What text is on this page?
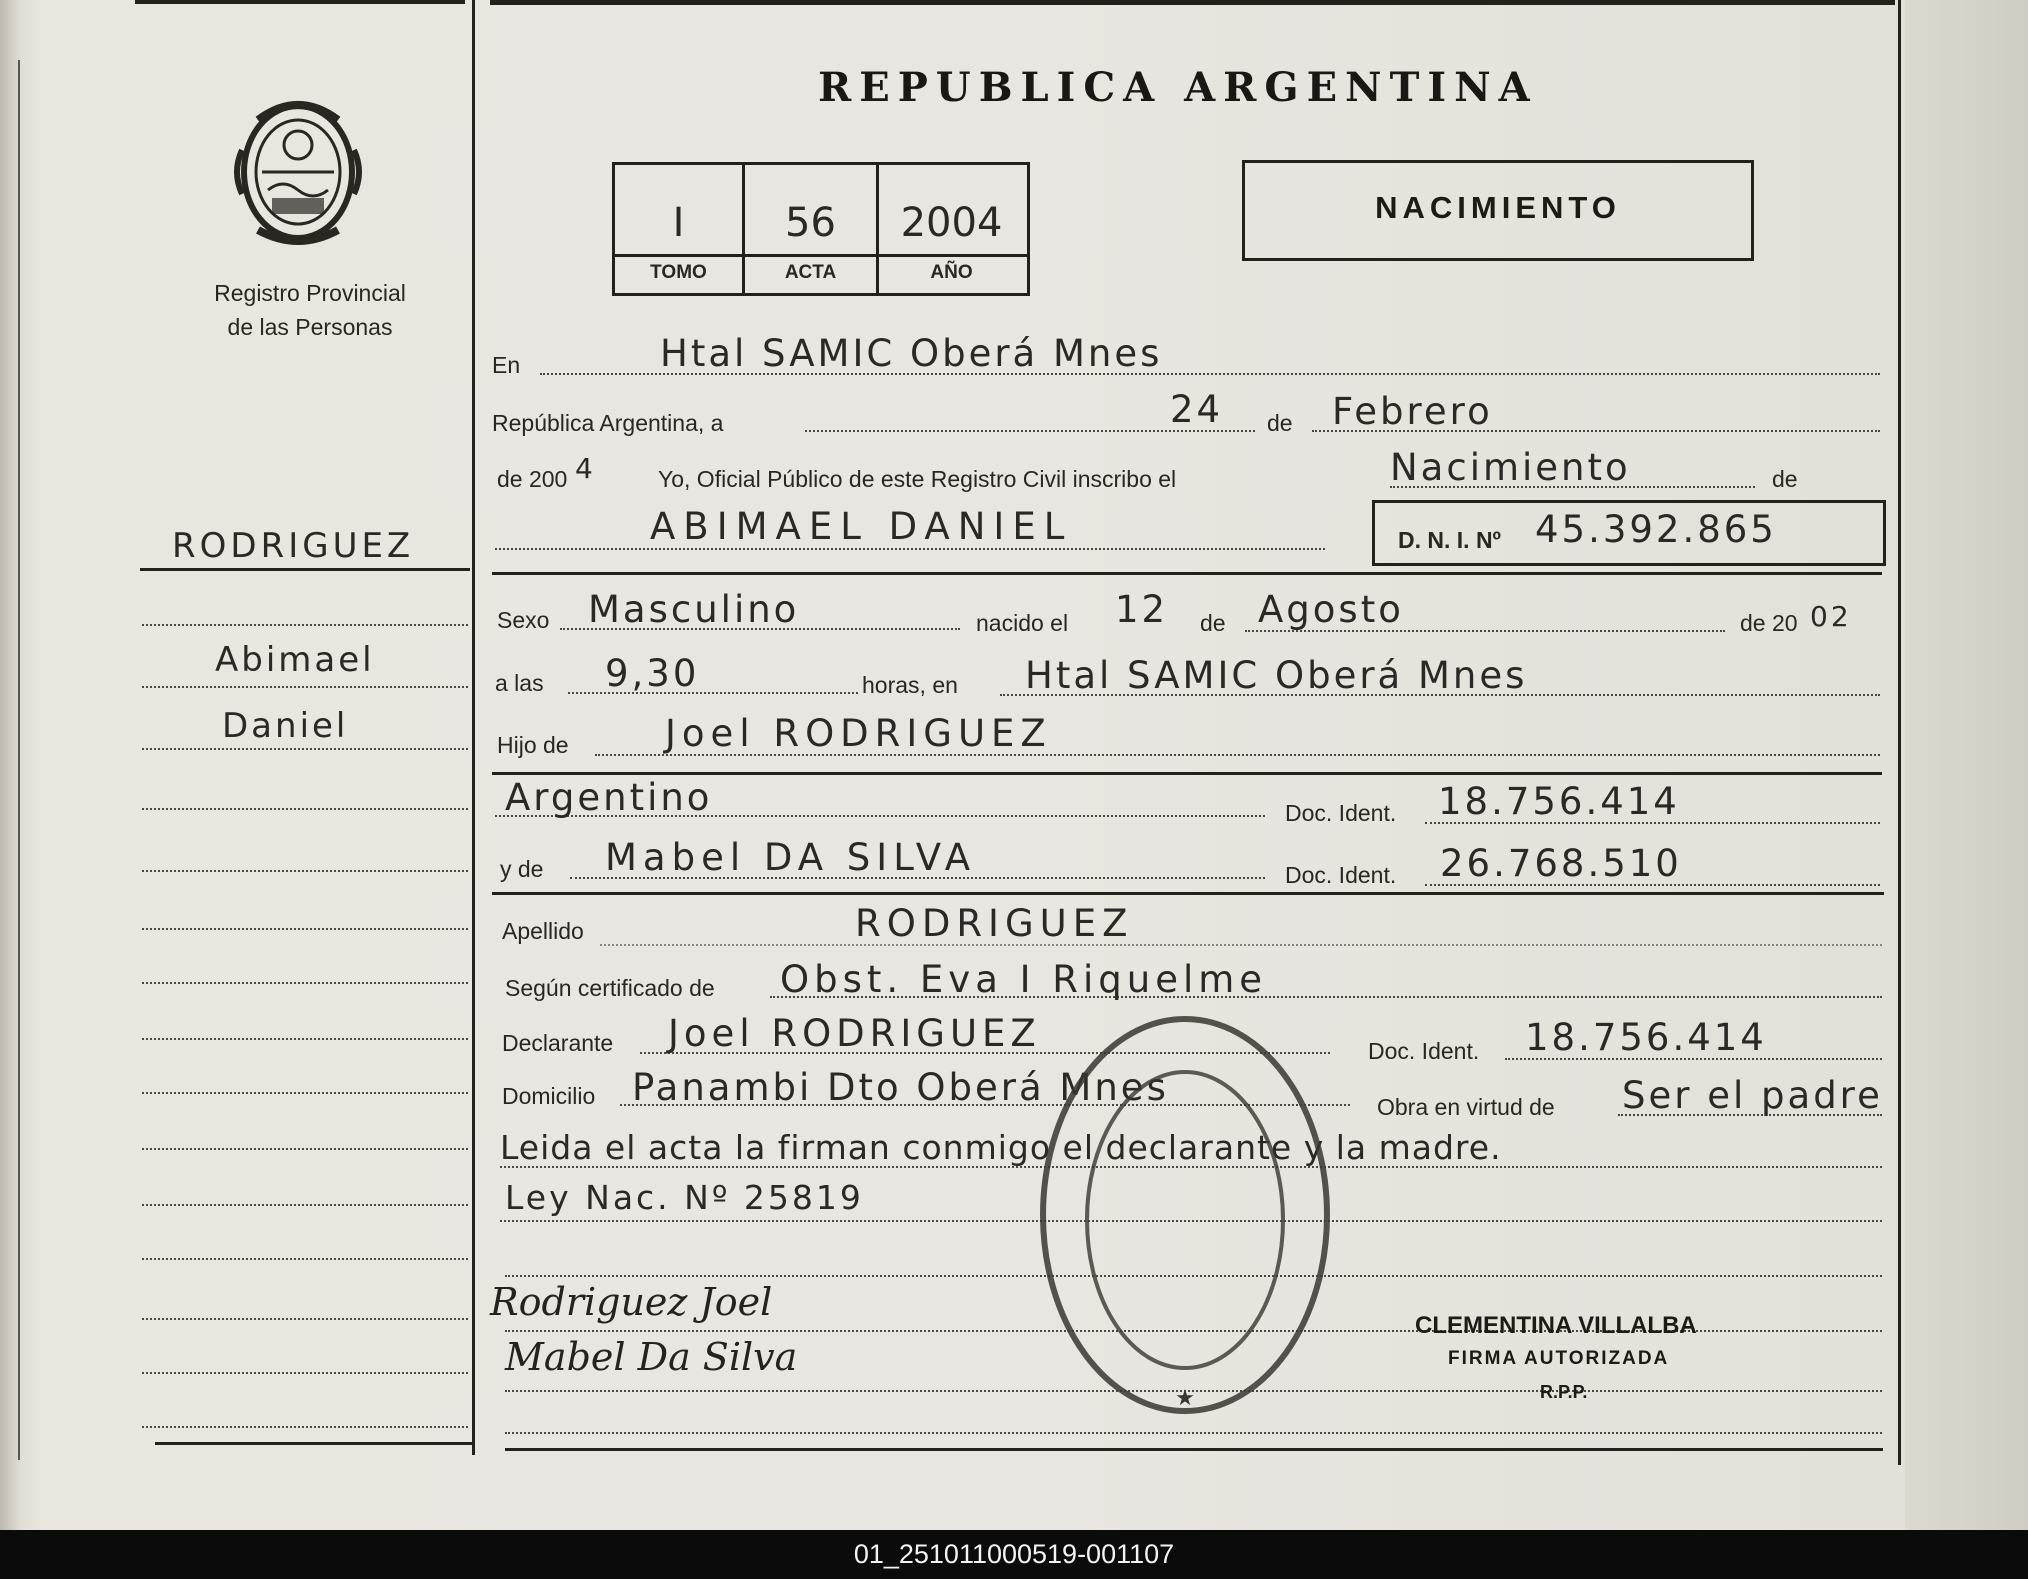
Registro Provincial
de las Personas
REPUBLICA ARGENTINA
I	56	2004
TOMO	ACTA	AÑO
NACIMIENTO
En	Htal SAMIC Oberá Mnes
República Argentina, a	24 de Febrero
de 200 4	Yo, Oficial Público de este Registro Civil inscribo el	Nacimiento	de
ABIMAEL DANIEL	D. N. I. Nº 45.392.865
Sexo Masculino	nacido el 12 de Agosto	de 20 02
a las 9,30	horas, en Htal SAMIC Oberá Mnes
Hijo de	Joel RODRIGUEZ
Argentino	Doc. Ident. 18.756.414
y de Mabel DA SILVA	Doc. Ident. 26.768.510
Apellido	RODRIGUEZ
Según certificado de Obst. Eva I Riquelme
Declarante Joel RODRIGUEZ	Doc. Ident. 18.756.414
Domicilio Panambi Dto Oberá Mnes	Obra en virtud de Ser el padre
Leida el acta la firman conmigo el declarante y la madre.
Ley Nac. Nº 25819
RODRIGUEZ
Abimael
Daniel
Rodriguez Joel
Mabel Da Silva
★
CLEMENTINA VILLALBA
FIRMA AUTORIZADA
R.P.P.
01_251011000519-001107
